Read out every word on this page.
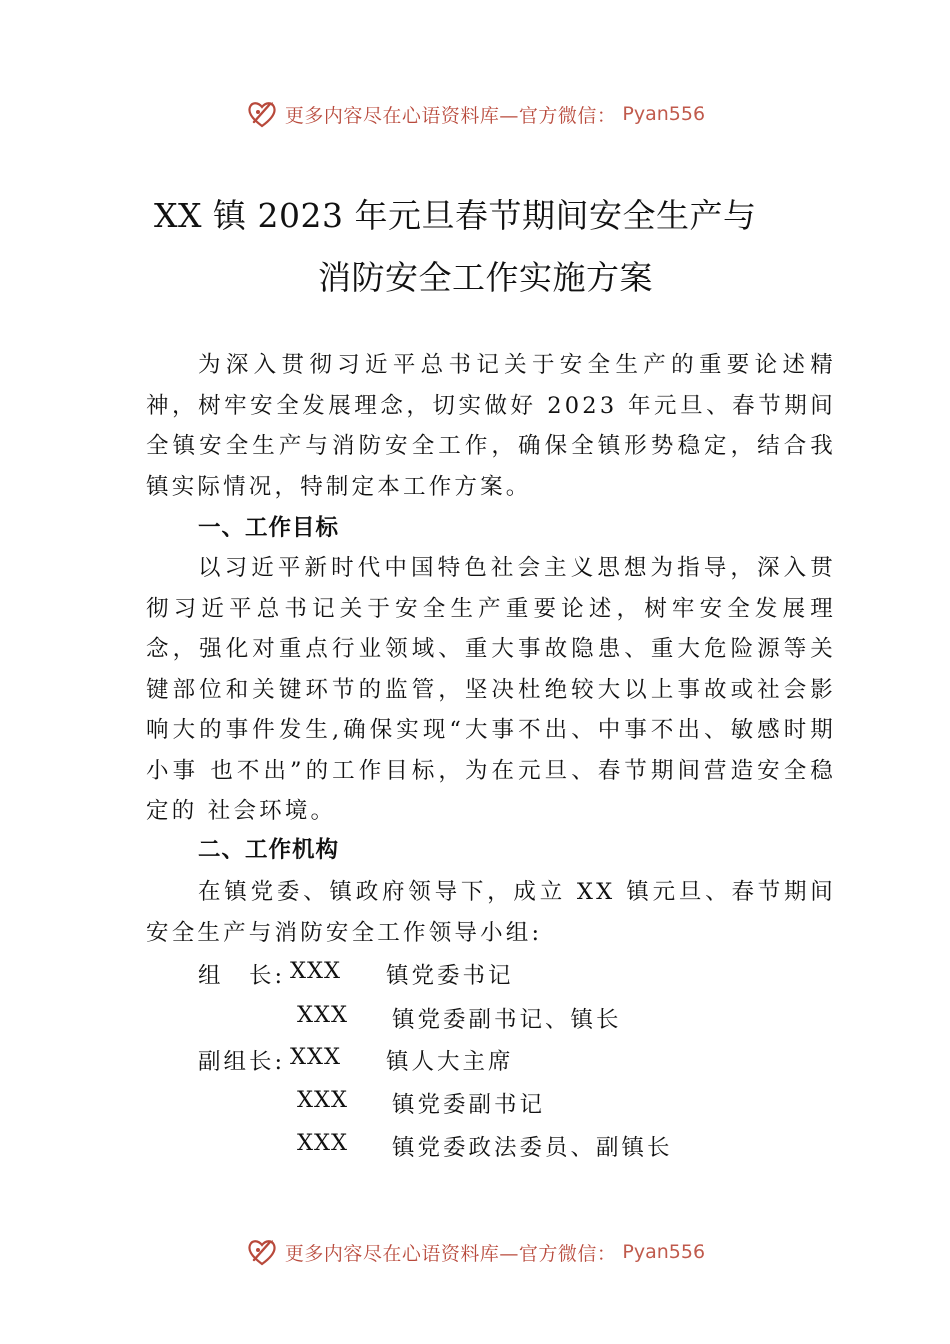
更多内容尽在心语资料库—官方微信： Pyan556
XX 镇 2023 年元旦春节期间安全生产与
消防安全工作实施方案

为深入贯彻习近平总书记关于安全生产的重要论述精神，树牢安全发展理念，切实做好 2023 年元旦、春节期间全镇安全生产与消防安全工作，确保全镇形势稳定，结合我镇实际情况，特制定本工作方案。

一、工作目标

以习近平新时代中国特色社会主义思想为指导，深入贯彻习近平总书记关于安全生产重要论述，树牢安全发展理念，强化对重点行业领域、重大事故隐患、重大危险源等关键部位和关键环节的监管，坚决杜绝较大以上事故或社会影响大的事件发生,确保实现“大事不出、中事不出、敏感时期小事 也不出”的工作目标，为在元旦、春节期间营造安全稳定的 社会环境。

二、工作机构

在镇党委、镇政府领导下，成立 XX 镇元旦、春节期间安全生产与消防安全工作领导小组:

组　长: XXX 镇党委书记
XXX 镇党委副书记、镇长
副组长: XXX 镇人大主席
XXX 镇党委副书记
XXX 镇党委政法委员、副镇长
更多内容尽在心语资料库—官方微信： Pyan556
